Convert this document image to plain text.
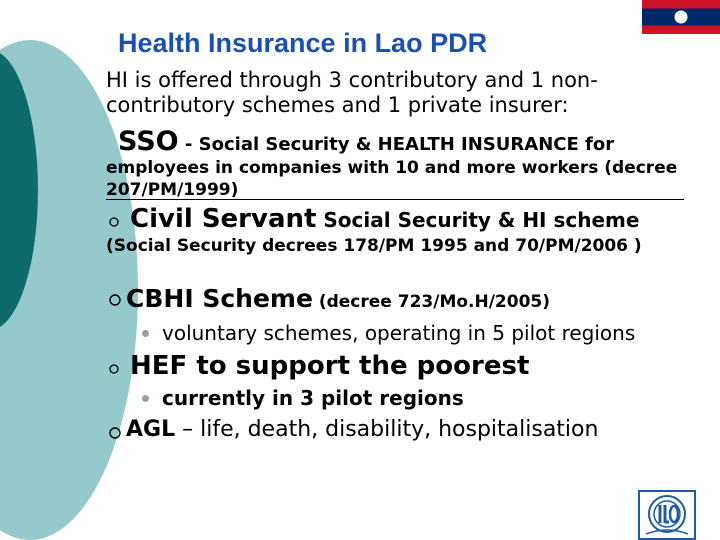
Health Insurance in Lao PDR
HI is offered through 3 contributory and 1 non-contributory schemes and 1 private insurer:
SSO - Social Security & HEALTH INSURANCE for
employees in companies with 10 and more workers (decree 207/PM/1999)
Civil Servant Social Security & HI scheme
(Social Security decrees 178/PM 1995 and 70/PM/2006 )
CBHI Scheme (decree 723/Mo.H/2005)
voluntary schemes, operating in 5 pilot regions
HEF to support the poorest
currently in 3 pilot regions
AGL – life, death, disability, hospitalisation
